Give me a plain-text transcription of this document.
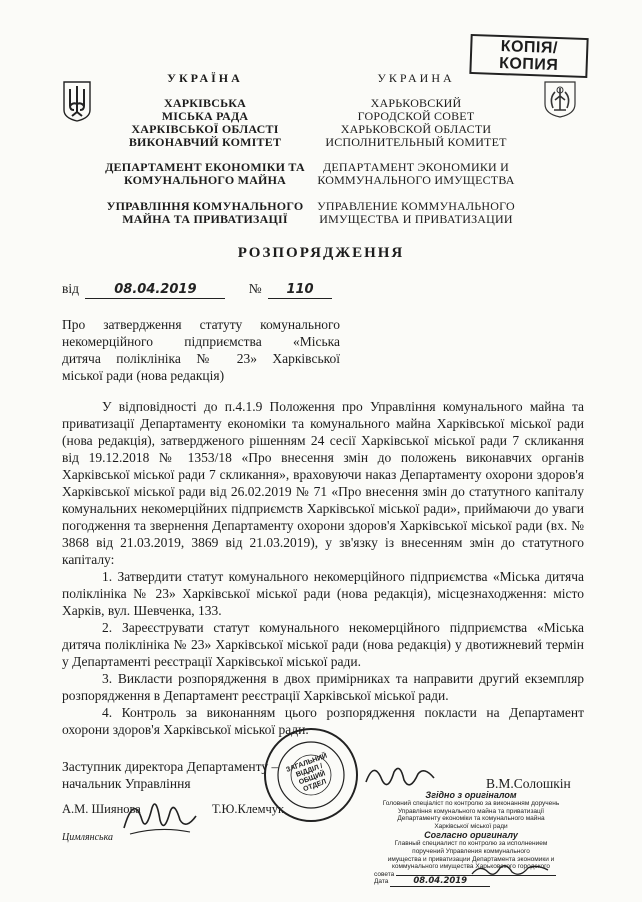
КОПІЯ/
КОПИЯ
УКРАЇНА
ХАРКІВСЬКА
МІСЬКА РАДА
ХАРКІВСЬКОЇ ОБЛАСТІ
ВИКОНАВЧИЙ КОМІТЕТ
ДЕПАРТАМЕНТ ЕКОНОМІКИ ТА
КОМУНАЛЬНОГО МАЙНА
УПРАВЛІННЯ КОМУНАЛЬНОГО
МАЙНА ТА ПРИВАТИЗАЦІЇ
УКРАИНА
ХАРЬКОВСКИЙ
ГОРОДСКОЙ СОВЕТ
ХАРЬКОВСКОЙ ОБЛАСТИ
ИСПОЛНИТЕЛЬНЫЙ КОМИТЕТ
ДЕПАРТАМЕНТ ЭКОНОМИКИ И
КОММУНАЛЬНОГО ИМУЩЕСТВА
УПРАВЛЕНИЕ КОММУНАЛЬНОГО
ИМУЩЕСТВА И ПРИВАТИЗАЦИИ
РОЗПОРЯДЖЕННЯ
від	08.04.2019	№ 110
Про затвердження статуту комунального
некомерційного підприємства «Міська
дитяча поліклініка № 23» Харківської
міської ради (нова редакція)

У відповідності до п.4.1.9 Положення про Управління комунального майна та приватизації Департаменту економіки та комунального майна Харківської міської ради (нова редакція), затвердженого рішенням 24 сесії Харківської міської ради 7 скликання від 19.12.2018 № 1353/18 «Про внесення змін до положень виконавчих органів Харківської міської ради 7 скликання», враховуючи наказ Департаменту охорони здоров'я Харківської міської ради від 26.02.2019 № 71 «Про внесення змін до статутного капіталу комунальних некомерційних підприємств Харківської міської ради», приймаючи до уваги погодження та звернення Департаменту охорони здоров'я Харківської міської ради (вх. № 3868 від 21.03.2019, 3869 від 21.03.2019), у зв'язку із внесенням змін до статутного капіталу:

1. Затвердити статут комунального некомерційного підприємства «Міська дитяча поліклініка № 23» Харківської міської ради (нова редакція), місцезнаходження: місто Харків, вул. Шевченка, 133.

2. Зареєструвати статут комунального некомерційного підприємства «Міська дитяча поліклініка № 23» Харківської міської ради (нова редакція) у двотижневий термін у Департаменті реєстрації Харківської міської ради.

3. Викласти розпорядження в двох примірниках та направити другий екземпляр розпорядження в Департамент реєстрації Харківської міської ради.

4. Контроль за виконанням цього розпорядження покласти на Департамент охорони здоров'я Харківської міської ради.

Заступник директора Департаменту –
начальник Управління	В.М.Солошкін
А.М. Шиянова	Т.Ю.Клемчук
Цимлянська
ЗАГАЛЬНИЙ ВІДДІЛ / ОБЩИЙ ОТДЕЛ
Згідно з оригіналом
Головний спеціаліст по контролю за виконанням доручень
Управління комунального майна та приватизації
Департаменту економіки та комунального майна
Харківської міської ради
Согласно оригиналу
Главный специалист по контролю за исполнением
поручений Управления коммунального
имущества и приватизации Департамента экономики и
коммунального имущества Харьковского городского
совета
Дата	08.04.2019
